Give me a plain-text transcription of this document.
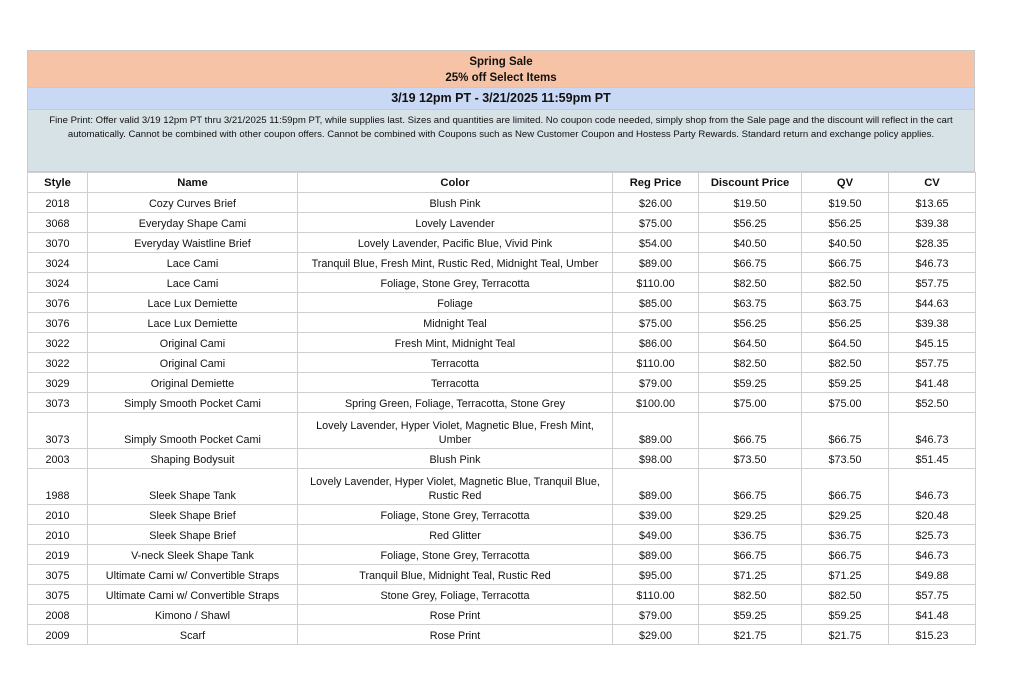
Spring Sale
25% off Select Items
3/19 12pm PT - 3/21/2025 11:59pm PT
Fine Print: Offer valid 3/19 12pm PT thru 3/21/2025 11:59pm PT, while supplies last. Sizes and quantities are limited. No coupon code needed, simply shop from the Sale page and the discount will reflect in the cart automatically. Cannot be combined with other coupon offers. Cannot be combined with Coupons such as New Customer Coupon and Hostess Party Rewards. Standard return and exchange policy applies.
Style	Name	Color	Reg Price	Discount Price	QV	CV
2018	Cozy Curves Brief	Blush Pink	$26.00	$19.50	$19.50	$13.65
3068	Everyday Shape Cami	Lovely Lavender	$75.00	$56.25	$56.25	$39.38
3070	Everyday Waistline Brief	Lovely Lavender, Pacific Blue, Vivid Pink	$54.00	$40.50	$40.50	$28.35
3024	Lace Cami	Tranquil Blue, Fresh Mint, Rustic Red, Midnight Teal, Umber	$89.00	$66.75	$66.75	$46.73
3024	Lace Cami	Foliage, Stone Grey, Terracotta	$110.00	$82.50	$82.50	$57.75
3076	Lace Lux Demiette	Foliage	$85.00	$63.75	$63.75	$44.63
3076	Lace Lux Demiette	Midnight Teal	$75.00	$56.25	$56.25	$39.38
3022	Original Cami	Fresh Mint, Midnight Teal	$86.00	$64.50	$64.50	$45.15
3022	Original Cami	Terracotta	$110.00	$82.50	$82.50	$57.75
3029	Original Demiette	Terracotta	$79.00	$59.25	$59.25	$41.48
3073	Simply Smooth Pocket Cami	Spring Green, Foliage, Terracotta, Stone Grey	$100.00	$75.00	$75.00	$52.50
3073	Simply Smooth Pocket Cami	Lovely Lavender, Hyper Violet, Magnetic Blue, Fresh Mint, Umber	$89.00	$66.75	$66.75	$46.73
2003	Shaping Bodysuit	Blush Pink	$98.00	$73.50	$73.50	$51.45
1988	Sleek Shape Tank	Lovely Lavender, Hyper Violet, Magnetic Blue, Tranquil Blue, Rustic Red	$89.00	$66.75	$66.75	$46.73
2010	Sleek Shape Brief	Foliage, Stone Grey, Terracotta	$39.00	$29.25	$29.25	$20.48
2010	Sleek Shape Brief	Red Glitter	$49.00	$36.75	$36.75	$25.73
2019	V-neck Sleek Shape Tank	Foliage, Stone Grey, Terracotta	$89.00	$66.75	$66.75	$46.73
3075	Ultimate Cami w/ Convertible Straps	Tranquil Blue, Midnight Teal, Rustic Red	$95.00	$71.25	$71.25	$49.88
3075	Ultimate Cami w/ Convertible Straps	Stone Grey, Foliage, Terracotta	$110.00	$82.50	$82.50	$57.75
2008	Kimono / Shawl	Rose Print	$79.00	$59.25	$59.25	$41.48
2009	Scarf	Rose Print	$29.00	$21.75	$21.75	$15.23
